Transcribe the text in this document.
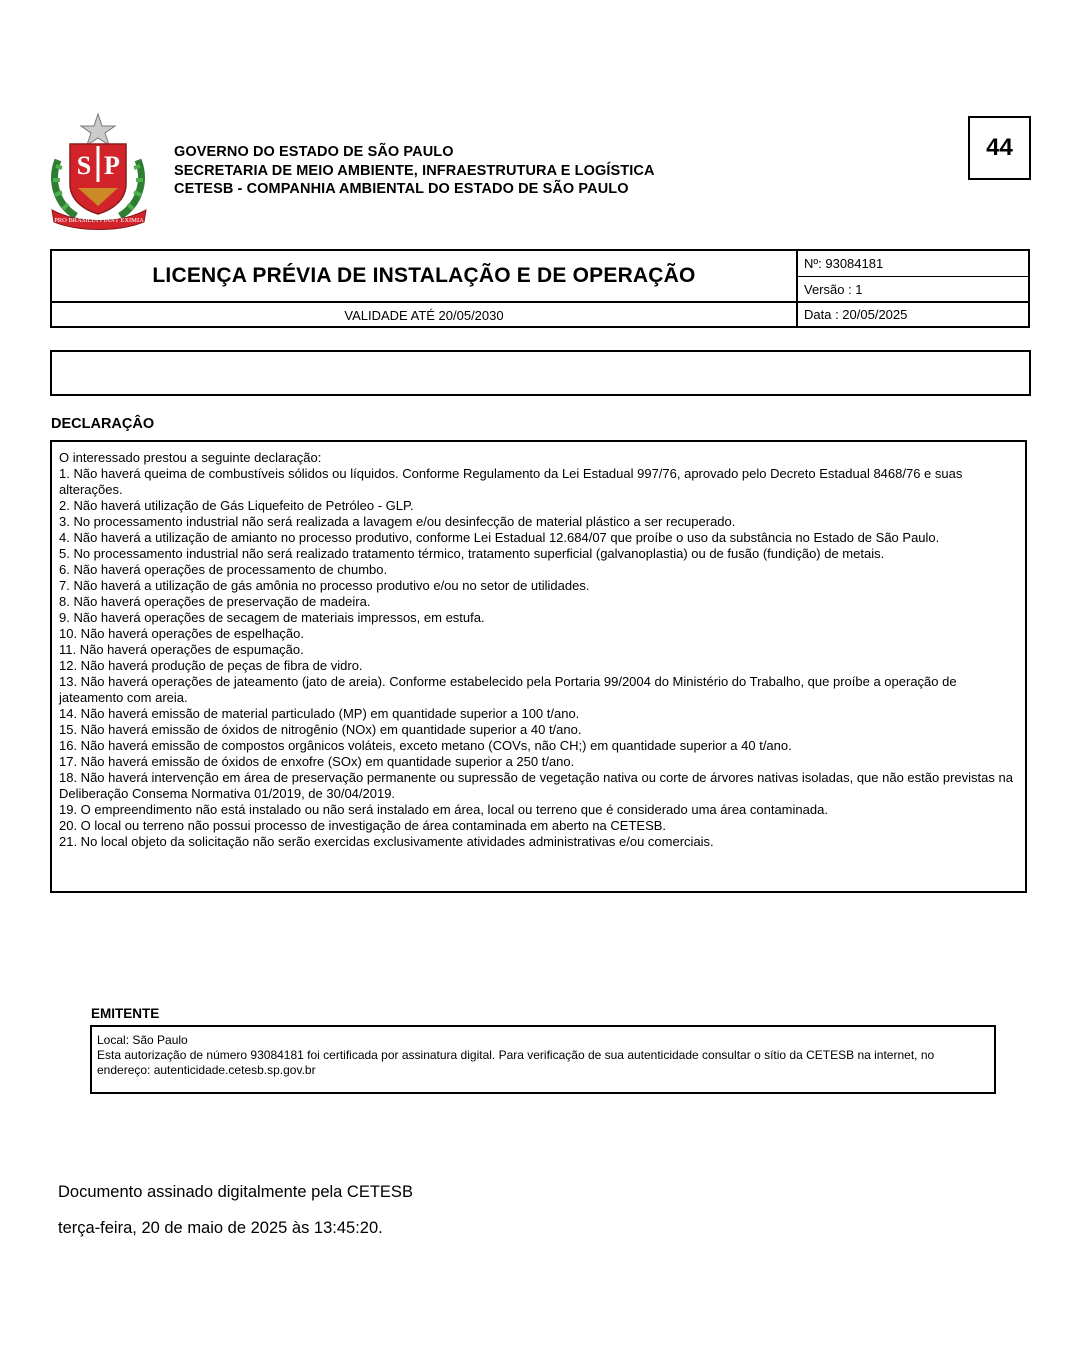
S P
PRO BRASILIA FIANT EXIMIA
GOVERNO DO ESTADO DE SÃO PAULO
SECRETARIA DE MEIO AMBIENTE, INFRAESTRUTURA E LOGÍSTICA
CETESB - COMPANHIA AMBIENTAL DO ESTADO DE SÃO PAULO
44
LICENÇA PRÉVIA DE INSTALAÇÃO E DE OPERAÇÃO
VALIDADE ATÉ 20/05/2030
Nº: 93084181
Versão : 1
Data : 20/05/2025
DECLARAÇÂO
O interessado prestou a seguinte declaração:
1. Não haverá queima de combustíveis sólidos ou líquidos. Conforme Regulamento da Lei Estadual 997/76, aprovado pelo Decreto Estadual 8468/76 e suas alterações.
2. Não haverá utilização de Gás Liquefeito de Petróleo - GLP.
3. No processamento industrial não será realizada a lavagem e/ou desinfecção de material plástico a ser recuperado.
4. Não haverá a utilização de amianto no processo produtivo, conforme Lei Estadual 12.684/07 que proíbe o uso da substância no Estado de São Paulo.
5. No processamento industrial não será realizado tratamento térmico, tratamento superficial (galvanoplastia) ou de fusão (fundição) de metais.
6. Não haverá operações de processamento de chumbo.
7. Não haverá a utilização de gás amônia no processo produtivo e/ou no setor de utilidades.
8. Não haverá operações de preservação de madeira.
9. Não haverá operações de secagem de materiais impressos, em estufa.
10. Não haverá operações de espelhação.
11. Não haverá operações de espumação.
12. Não haverá produção de peças de fibra de vidro.
13. Não haverá operações de jateamento (jato de areia). Conforme estabelecido pela Portaria 99/2004 do Ministério do Trabalho, que proíbe a operação de jateamento com areia.
14. Não haverá emissão de material particulado (MP) em quantidade superior a 100 t/ano.
15. Não haverá emissão de óxidos de nitrogênio (NOx) em quantidade superior a 40 t/ano.
16. Não haverá emissão de compostos orgânicos voláteis, exceto metano (COVs, não CH;) em quantidade superior a 40 t/ano.
17. Não haverá emissão de óxidos de enxofre (SOx) em quantidade superior a 250 t/ano.
18. Não haverá intervenção em área de preservação permanente ou supressão de vegetação nativa ou corte de árvores nativas isoladas, que não estão previstas na Deliberação Consema Normativa 01/2019, de 30/04/2019.
19. O empreendimento não está instalado ou não será instalado em área, local ou terreno que é considerado uma área contaminada.
20. O local ou terreno não possui processo de investigação de área contaminada em aberto na CETESB.
21. No local objeto da solicitação não serão exercidas exclusivamente atividades administrativas e/ou comerciais.
EMITENTE
Local: São Paulo
Esta autorização de número 93084181 foi certificada por assinatura digital. Para verificação de sua autenticidade consultar o sítio da CETESB na internet, no endereço: autenticidade.cetesb.sp.gov.br
Documento assinado digitalmente pela CETESB
terça-feira, 20 de maio de 2025 às 13:45:20.
